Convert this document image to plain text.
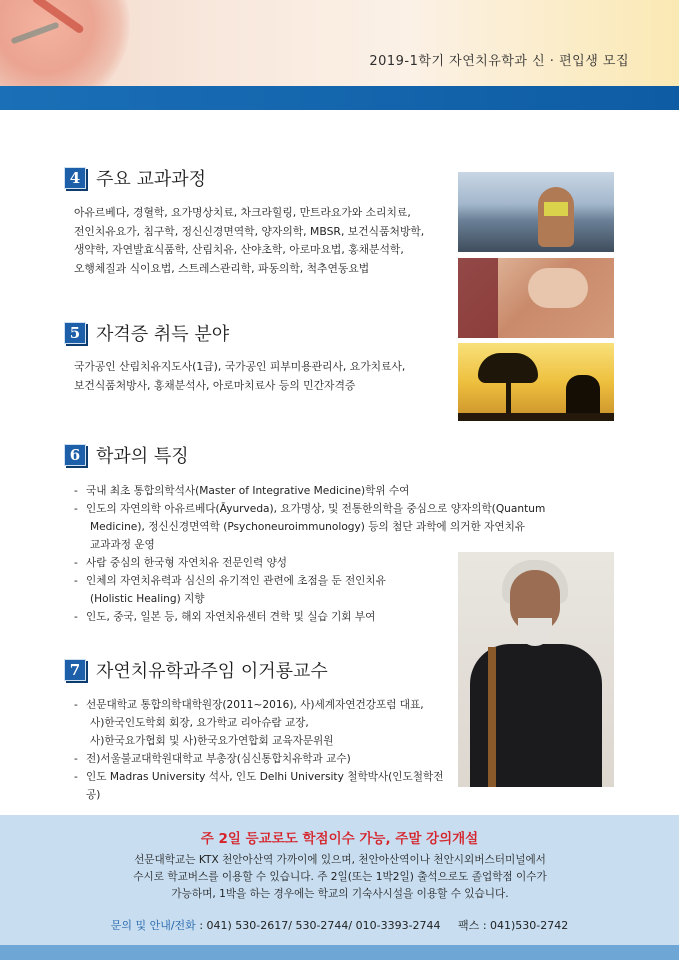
2019-1학기 자연치유학과 신 · 편입생 모집
4 주요 교과과정
아유르베다, 경혈학, 요가명상치료, 차크라힐링, 만트라요가와 소리치료,
전인치유요가, 침구학, 정신신경면역학, 양자의학, MBSR, 보건식품처방학,
생약학, 자연발효식품학, 산림치유, 산야초학, 아로마요법, 홍채분석학,
오행체질과 식이요법, 스트레스관리학, 파동의학, 척추연동요법
5 자격증 취득 분야
국가공인 산림치유지도사(1급), 국가공인 피부미용관리사, 요가치료사,
보건식품처방사, 홍채분석사, 아로마치료사 등의 민간자격증
6 학과의 특징
- 국내 최초 통합의학석사(Master of Integrative Medicine)학위 수여
- 인도의 자연의학 아유르베다(Āyurveda), 요가명상, 및 전통한의학을 중심으로 양자의학(Quantum
Medicine), 정신신경면역학 (Psychoneuroimmunology) 등의 첨단 과학에 의거한 자연치유
교과과정 운영
- 사람 중심의 한국형 자연치유 전문인력 양성
- 인체의 자연치유력과 심신의 유기적인 관련에 초점을 둔 전인치유
(Holistic Healing) 지향
- 인도, 중국, 일본 등, 해외 자연치유센터 견학 및 실습 기회 부여
7 자연치유학과주임 이거룡교수
- 선문대학교 통합의학대학원장(2011~2016), 사)세계자연건강포럼 대표,
사)한국인도학회 회장, 요가학교 리아슈람 교장,
사)한국요가협회 및 사)한국요가연합회 교육자문위원
- 전)서울불교대학원대학교 부총장(심신통합치유학과 교수)
- 인도 Madras University 석사, 인도 Delhi University 철학박사(인도철학전공)
주 2일 등교로도 학점이수 가능, 주말 강의개설
선문대학교는 KTX 천안아산역 가까이에 있으며, 천안아산역이나 천안시외버스터미널에서
수시로 학교버스를 이용할 수 있습니다. 주 2일(또는 1박2일) 출석으로도 졸업학점 이수가
가능하며, 1박을 하는 경우에는 학교의 기숙사시설을 이용할 수 있습니다.
문의 및 안내/전화 : 041) 530-2617/ 530-2744/ 010-3393-2744 팩스 : 041)530-2742
